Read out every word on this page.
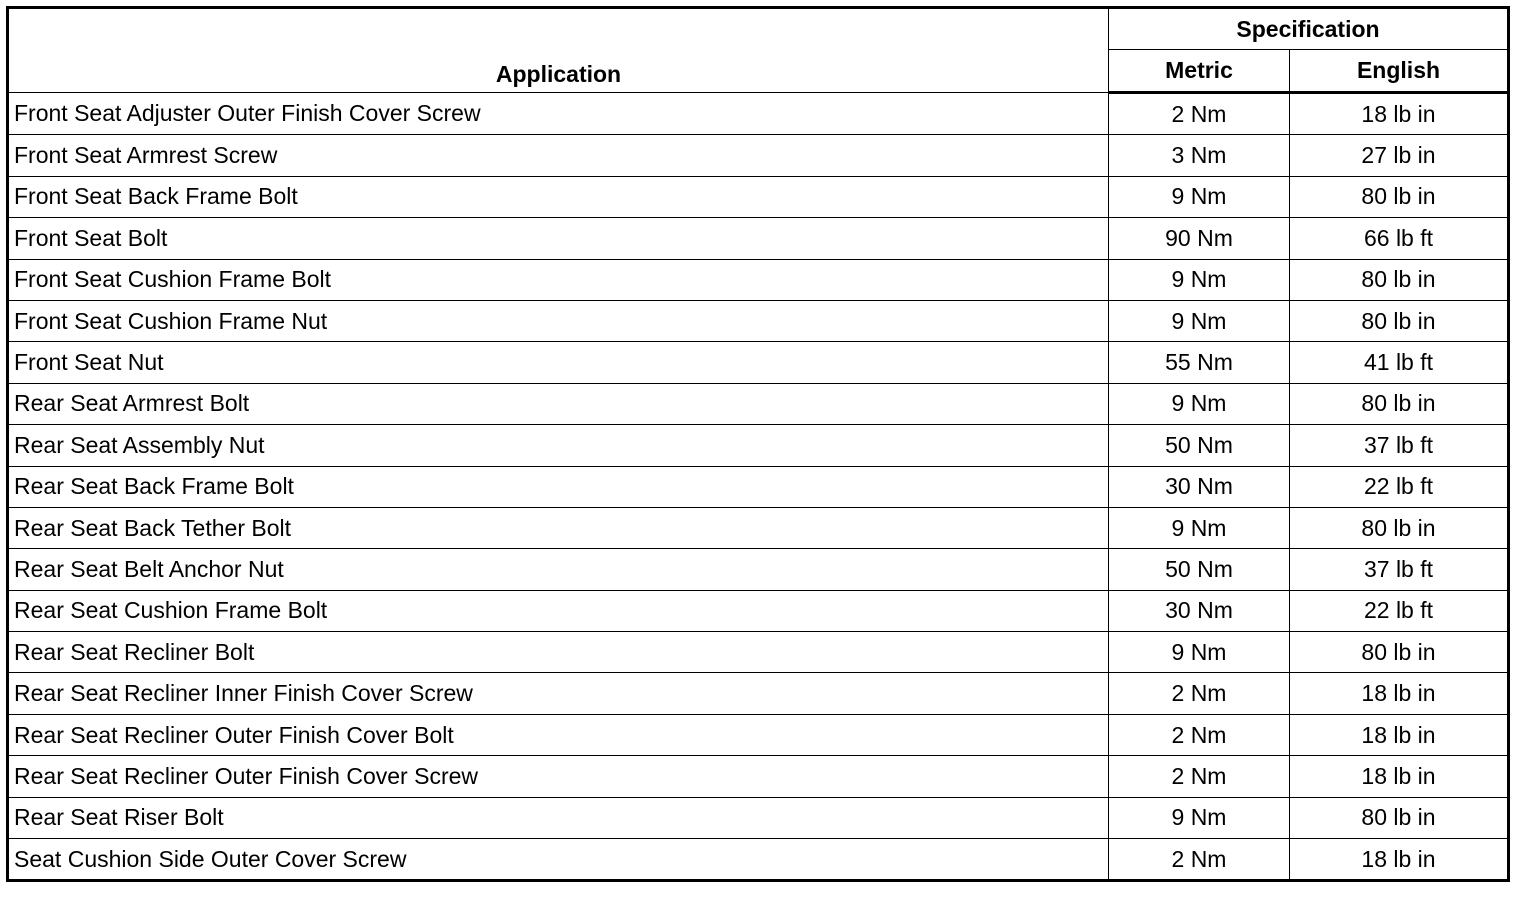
Application	Specification	
	Metric	English
Front Seat Adjuster Outer Finish Cover Screw	2 Nm	18 lb in
Front Seat Armrest Screw	3 Nm	27 lb in
Front Seat Back Frame Bolt	9 Nm	80 lb in
Front Seat Bolt	90 Nm	66 lb ft
Front Seat Cushion Frame Bolt	9 Nm	80 lb in
Front Seat Cushion Frame Nut	9 Nm	80 lb in
Front Seat Nut	55 Nm	41 lb ft
Rear Seat Armrest Bolt	9 Nm	80 lb in
Rear Seat Assembly Nut	50 Nm	37 lb ft
Rear Seat Back Frame Bolt	30 Nm	22 lb ft
Rear Seat Back Tether Bolt	9 Nm	80 lb in
Rear Seat Belt Anchor Nut	50 Nm	37 lb ft
Rear Seat Cushion Frame Bolt	30 Nm	22 lb ft
Rear Seat Recliner Bolt	9 Nm	80 lb in
Rear Seat Recliner Inner Finish Cover Screw	2 Nm	18 lb in
Rear Seat Recliner Outer Finish Cover Bolt	2 Nm	18 lb in
Rear Seat Recliner Outer Finish Cover Screw	2 Nm	18 lb in
Rear Seat Riser Bolt	9 Nm	80 lb in
Seat Cushion Side Outer Cover Screw	2 Nm	18 lb in
